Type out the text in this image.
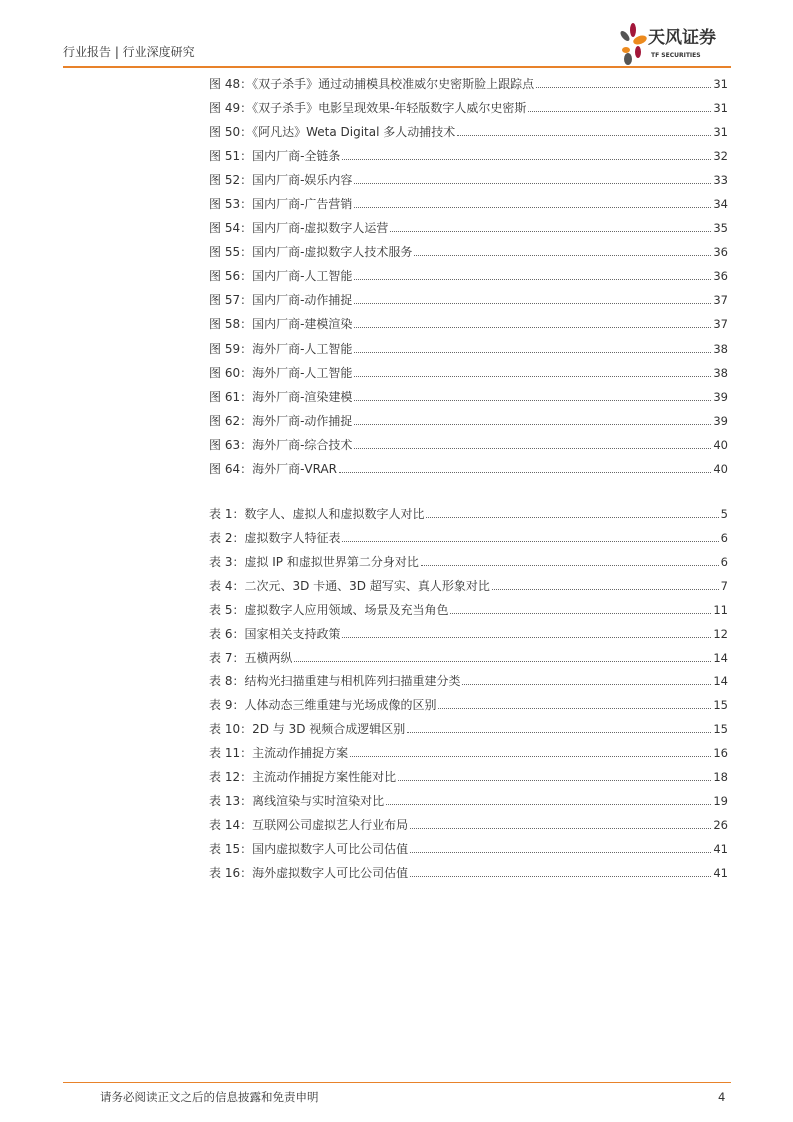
行业报告 | 行业深度研究
天风证券
TF SECURITIES
图 48：《双子杀手》通过动捕模具校准威尔史密斯脸上跟踪点	31
图 49：《双子杀手》电影呈现效果-年轻版数字人威尔史密斯	31
图 50：《阿凡达》Weta Digital 多人动捕技术	31
图 51：国内厂商-全链条	32
图 52：国内厂商-娱乐内容	33
图 53：国内厂商-广告营销	34
图 54：国内厂商-虚拟数字人运营	35
图 55：国内厂商-虚拟数字人技术服务	36
图 56：国内厂商-人工智能	36
图 57：国内厂商-动作捕捉	37
图 58：国内厂商-建模渲染	37
图 59：海外厂商-人工智能	38
图 60：海外厂商-人工智能	38
图 61：海外厂商-渲染建模	39
图 62：海外厂商-动作捕捉	39
图 63：海外厂商-综合技术	40
图 64：海外厂商-VRAR	40
表 1：数字人、虚拟人和虚拟数字人对比	5
表 2：虚拟数字人特征表	6
表 3：虚拟 IP 和虚拟世界第二分身对比	6
表 4：二次元、3D 卡通、3D 超写实、真人形象对比	7
表 5：虚拟数字人应用领域、场景及充当角色	11
表 6：国家相关支持政策	12
表 7：五横两纵	14
表 8：结构光扫描重建与相机阵列扫描重建分类	14
表 9：人体动态三维重建与光场成像的区别	15
表 10：2D 与 3D 视频合成逻辑区别	15
表 11：主流动作捕捉方案	16
表 12：主流动作捕捉方案性能对比	18
表 13：离线渲染与实时渲染对比	19
表 14：互联网公司虚拟艺人行业布局	26
表 15：国内虚拟数字人可比公司估值	41
表 16：海外虚拟数字人可比公司估值	41
请务必阅读正文之后的信息披露和免责申明	4
